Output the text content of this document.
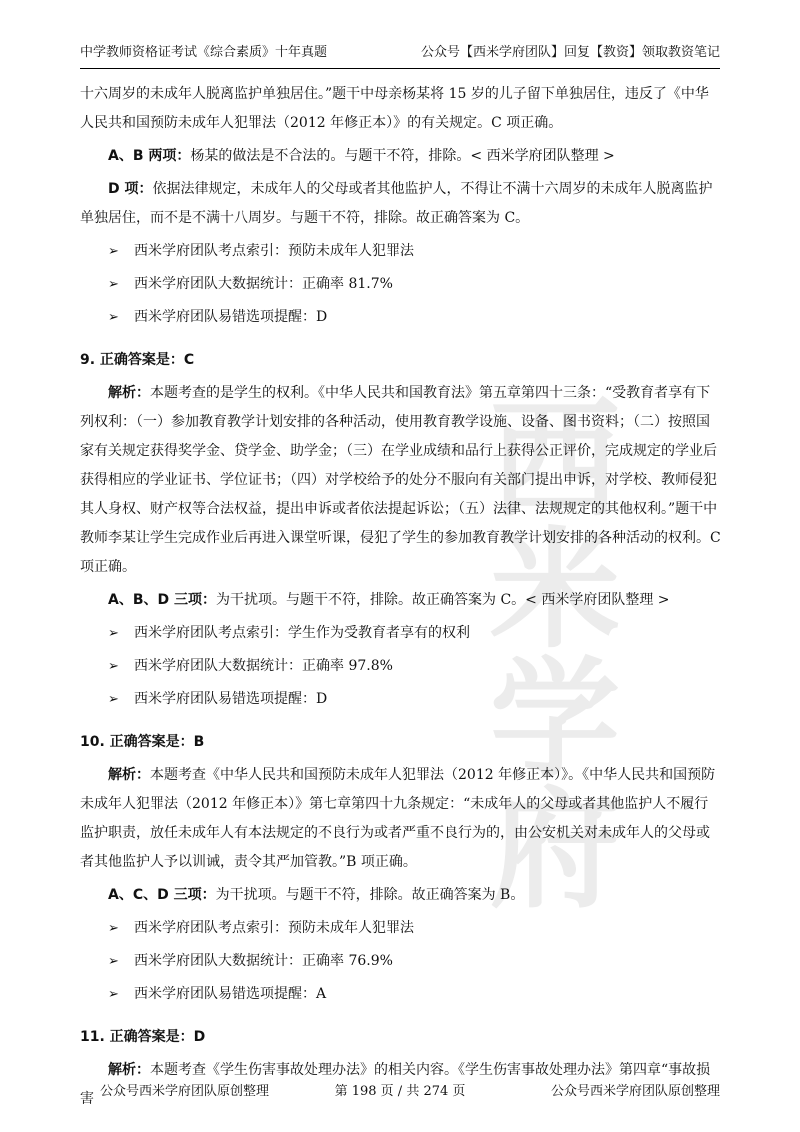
中学教师资格证考试《综合素质》十年真题	公众号【西米学府团队】回复【教资】领取教资笔记
西米
学府

十六周岁的未成年人脱离监护单独居住。”题干中母亲杨某将 15 岁的儿子留下单独居住，违反了《中华人民共和国预防未成年人犯罪法（2012 年修正本）》的有关规定。C 项正确。

A、B 两项：杨某的做法是不合法的。与题干不符，排除。< 西米学府团队整理 >

D 项：依据法律规定，未成年人的父母或者其他监护人，不得让不满十六周岁的未成年人脱离监护单独居住，而不是不满十八周岁。与题干不符，排除。故正确答案为 C。

➢ 西米学府团队考点索引：预防未成年人犯罪法

➢ 西米学府团队大数据统计：正确率 81.7%

➢ 西米学府团队易错选项提醒：D

9. 正确答案是：C

解析：本题考查的是学生的权利。《中华人民共和国教育法》第五章第四十三条：“受教育者享有下列权利：（一）参加教育教学计划安排的各种活动，使用教育教学设施、设备、图书资料；（二）按照国家有关规定获得奖学金、贷学金、助学金；（三）在学业成绩和品行上获得公正评价，完成规定的学业后获得相应的学业证书、学位证书；（四）对学校给予的处分不服向有关部门提出申诉，对学校、教师侵犯其人身权、财产权等合法权益，提出申诉或者依法提起诉讼；（五）法律、法规规定的其他权利。”题干中教师李某让学生完成作业后再进入课堂听课，侵犯了学生的参加教育教学计划安排的各种活动的权利。C 项正确。

A、B、D 三项：为干扰项。与题干不符，排除。故正确答案为 C。< 西米学府团队整理 >

➢ 西米学府团队考点索引：学生作为受教育者享有的权利

➢ 西米学府团队大数据统计：正确率 97.8%

➢ 西米学府团队易错选项提醒：D

10. 正确答案是：B

解析：本题考查《中华人民共和国预防未成年人犯罪法（2012 年修正本）》。《中华人民共和国预防未成年人犯罪法（2012 年修正本）》第七章第四十九条规定：“未成年人的父母或者其他监护人不履行监护职责，放任未成年人有本法规定的不良行为或者严重不良行为的，由公安机关对未成年人的父母或者其他监护人予以训诫，责令其严加管教。”B 项正确。

A、C、D 三项：为干扰项。与题干不符，排除。故正确答案为 B。

➢ 西米学府团队考点索引：预防未成年人犯罪法

➢ 西米学府团队大数据统计：正确率 76.9%

➢ 西米学府团队易错选项提醒：A

11. 正确答案是：D

解析：本题考查《学生伤害事故处理办法》的相关内容。《学生伤害事故处理办法》第四章“事故损害 公众号西米学府团队原创整理	第 198 页 / 共 274 页	公众号西米学府团队原创整理
